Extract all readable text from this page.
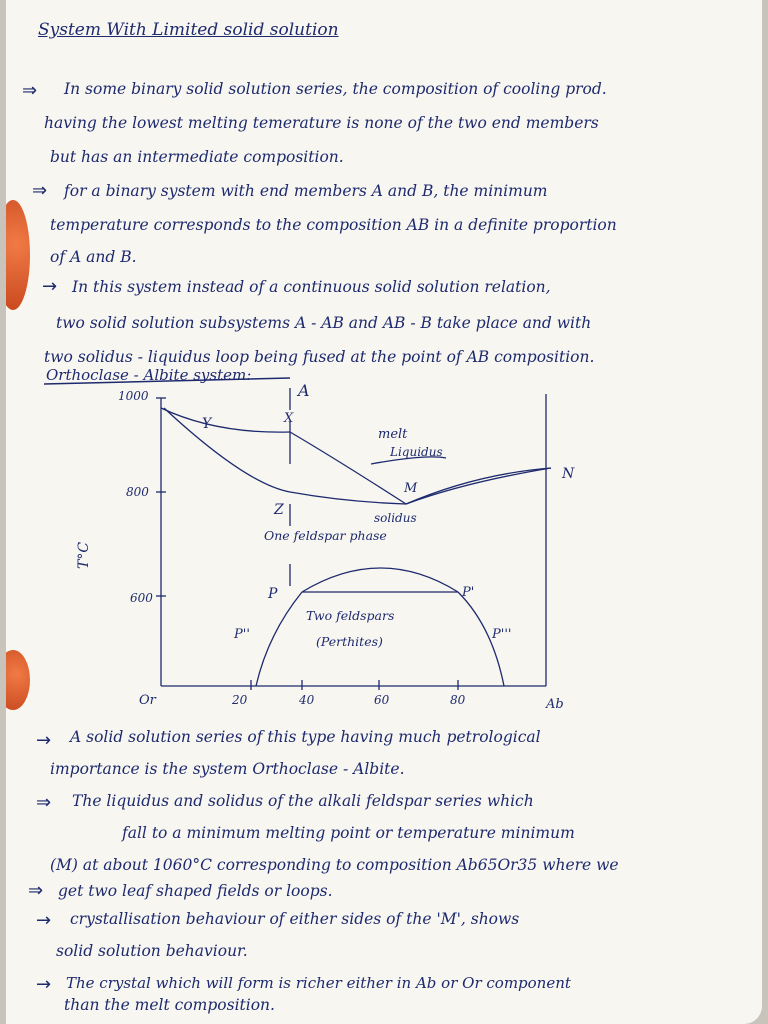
System With Limited solid solution
⇒ In some binary solid solution series, the composition of cooling prod.
having the lowest melting temerature is none of the two end members
but has an intermediate composition.
⇒ for a binary system with end members A and B, the minimum
temperature corresponds to the composition AB in a definite proportion
of A and B.
→ In this system instead of a continuous solid solution relation,
two solid solution subsystems A - AB and AB - B take place and with
two solidus - liquidus loop being fused at the point of AB composition.
Orthoclase - Albite system:
1000
800
600
T°C
Or	20	40	60	80	Ab
A
X
Y
melt
Liquidus
N
M
solidus
Z
One feldspar phase
P	P'
P''	P'''
Two feldspars
(Perthites)
→ A solid solution series of this type having much petrological
importance is the system Orthoclase - Albite.
⇒ The liquidus and solidus of the alkali feldspar series which
fall to a minimum melting point or temperature minimum
(M) at about 1060°C corresponding to composition Ab65Or35 where we
⇒ get two leaf shaped fields or loops.
→ crystallisation behaviour of either sides of the 'M', shows
solid solution behaviour.
→ The crystal which will form is richer either in Ab or Or component
than the melt composition.
